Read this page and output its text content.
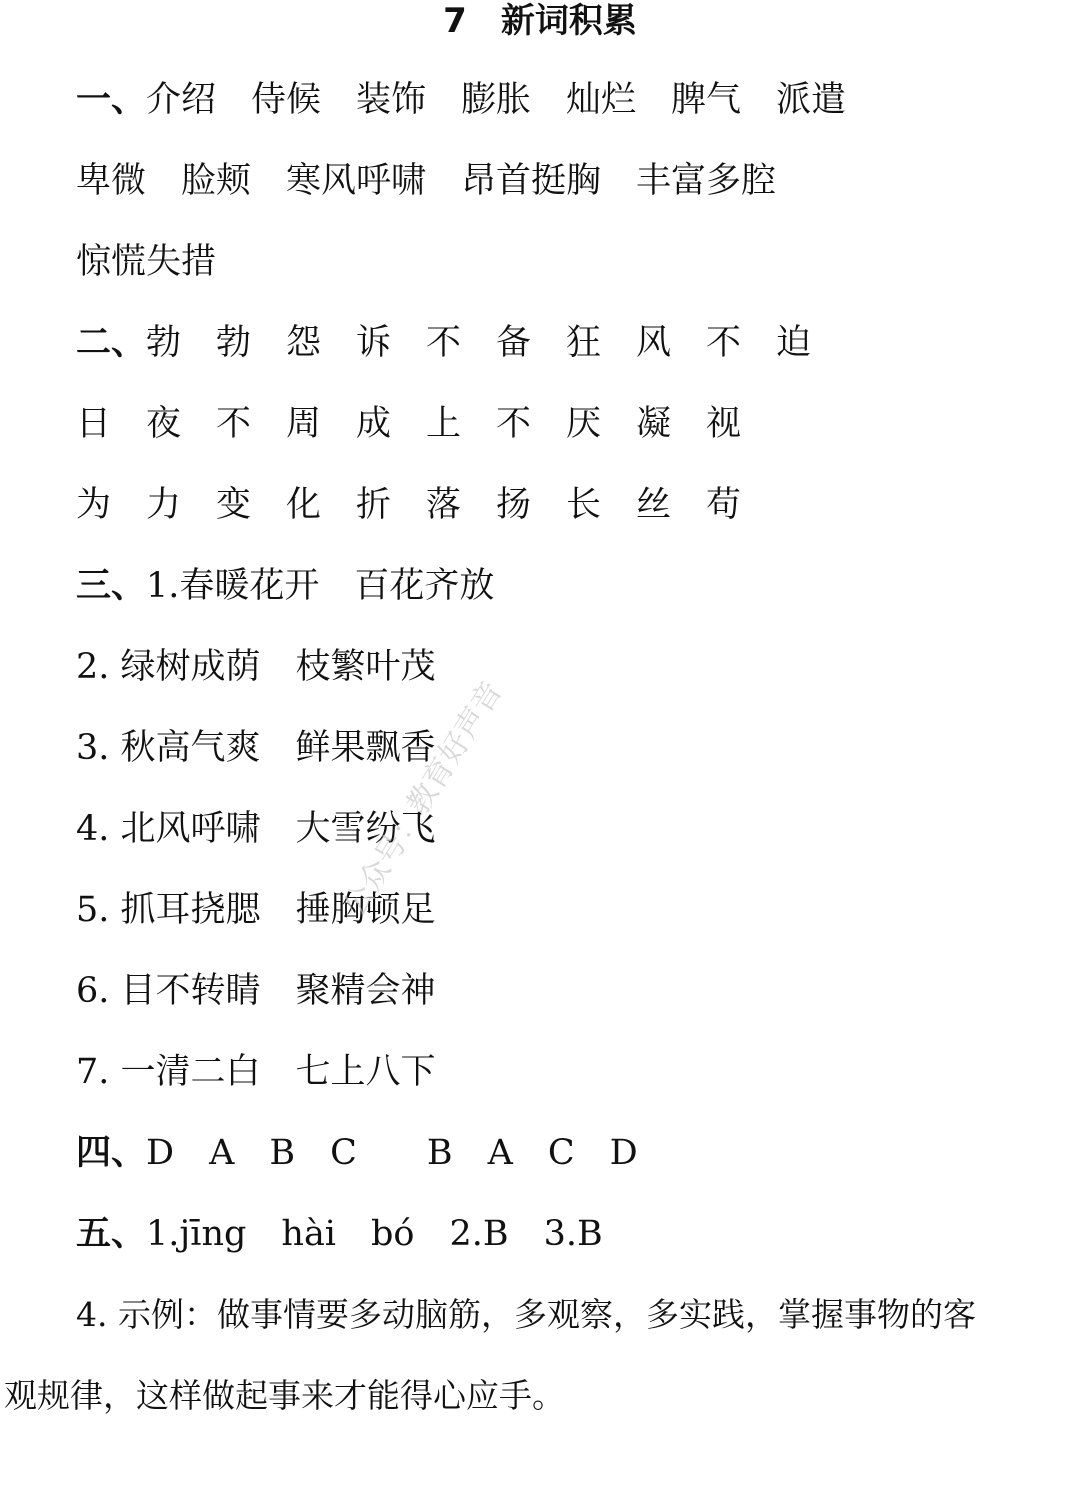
7　新词积累
一、介绍　侍候　装饰　膨胀　灿烂　脾气　派遣
卑微　脸颊　寒风呼啸　昂首挺胸　丰富多腔
惊慌失措
二、勃　勃　怨　诉　不　备　狂　风　不　迫
日　夜　不　周　成　上　不　厌　凝　视
为　力　变　化　折　落　扬　长　丝　苟
三、1.春暖花开　百花齐放
2. 绿树成荫　枝繁叶茂
3. 秋高气爽　鲜果飘香
4. 北风呼啸　大雪纷飞
5. 抓耳挠腮　捶胸顿足
6. 目不转睛　聚精会神
7. 一清二白　七上八下
四、D　A　B　C　　B　A　C　D
五、1.jīng　hài　bó　2.B　3.B
4. 示例：做事情要多动脑筋，多观察，多实践，掌握事物的客
观规律，这样做起事来才能得心应手。
公众号：教育好声音
